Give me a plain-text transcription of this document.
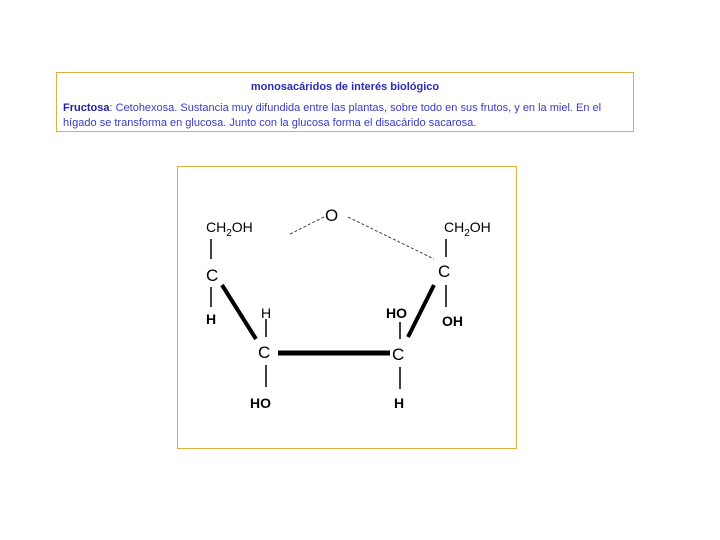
monosacáridos de interés biológico
Fructosa: Cetohexosa. Sustancia muy difundida entre las plantas, sobre todo en sus frutos, y en la miel. En el hígado se transforma en glucosa. Junto con la glucosa forma el disacárido sacarosa.
O
$CH_2OH$	$CH_2OH$
C	C
C	C
H	OH
H
HO
HO
H
